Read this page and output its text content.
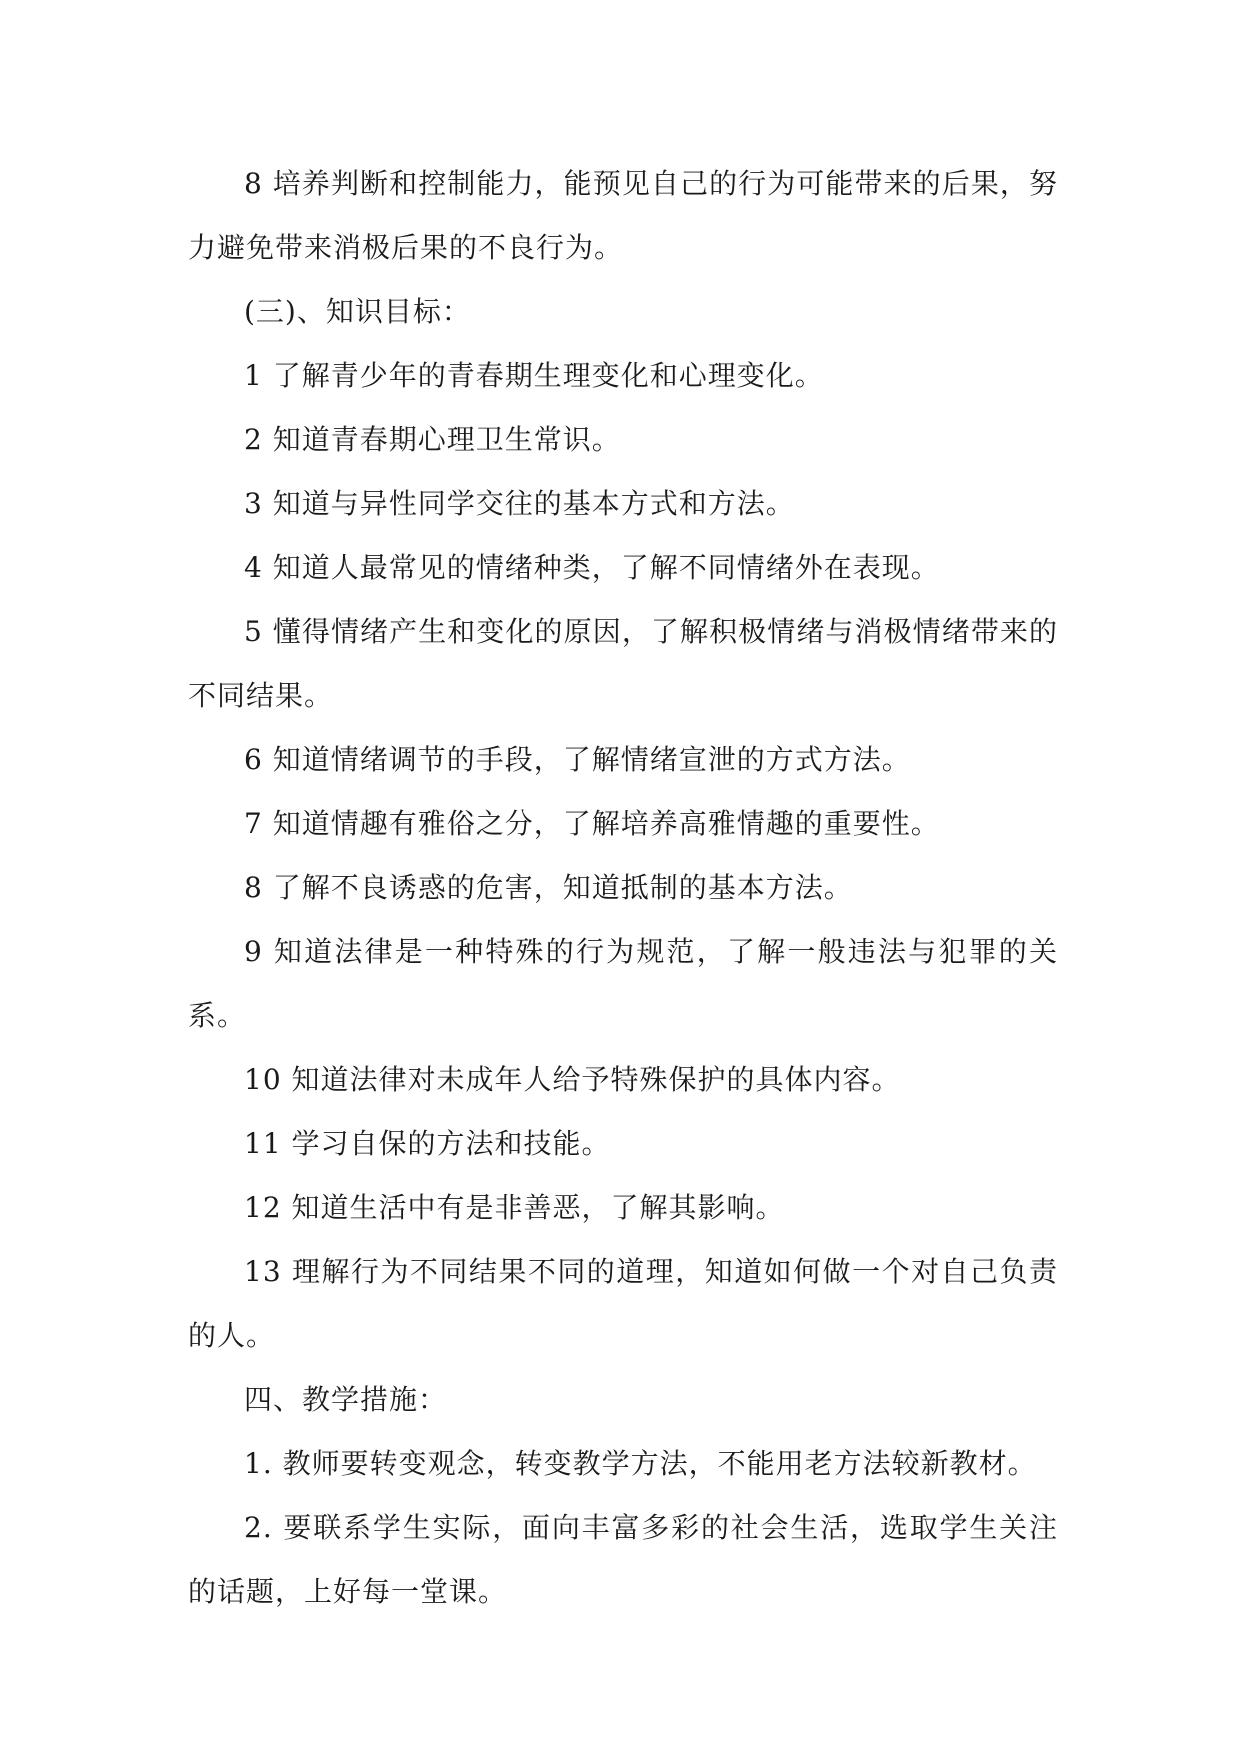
8 培养判断和控制能力，能预见自己的行为可能带来的后果，努力避免带来消极后果的不良行为。

(三)、知识目标：

1 了解青少年的青春期生理变化和心理变化。

2 知道青春期心理卫生常识。

3 知道与异性同学交往的基本方式和方法。

4 知道人最常见的情绪种类，了解不同情绪外在表现。

5 懂得情绪产生和变化的原因，了解积极情绪与消极情绪带来的不同结果。

6 知道情绪调节的手段，了解情绪宣泄的方式方法。

7 知道情趣有雅俗之分，了解培养高雅情趣的重要性。

8 了解不良诱惑的危害，知道抵制的基本方法。

9 知道法律是一种特殊的行为规范，了解一般违法与犯罪的关系。

10 知道法律对未成年人给予特殊保护的具体内容。

11 学习自保的方法和技能。

12 知道生活中有是非善恶，了解其影响。

13 理解行为不同结果不同的道理，知道如何做一个对自己负责的人。

四、教学措施：

1. 教师要转变观念，转变教学方法，不能用老方法较新教材。

2. 要联系学生实际，面向丰富多彩的社会生活，选取学生关注的话题，上好每一堂课。
